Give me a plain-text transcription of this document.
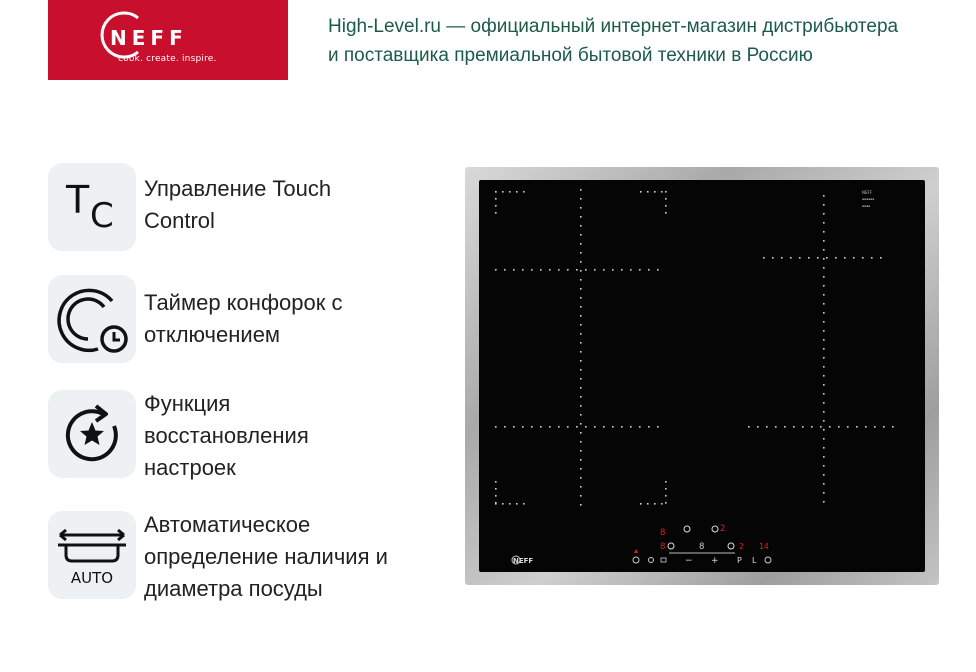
NEFF
cook. create. inspire.
High-Level.ru — официальный интернет-магазин дистрибьютера
и поставщика премиальной бытовой техники в Россию
T C
Управление Touch
Control
Таймер конфорок с
отключением
Функция
восстановления
настроек
AUTO
Автоматическое
определение наличия и
диаметра посуды
NEFF
8
8	8
2
2 14
− + P L
NEFF
▪▪▪▪▪▪
▪▪▪▪
